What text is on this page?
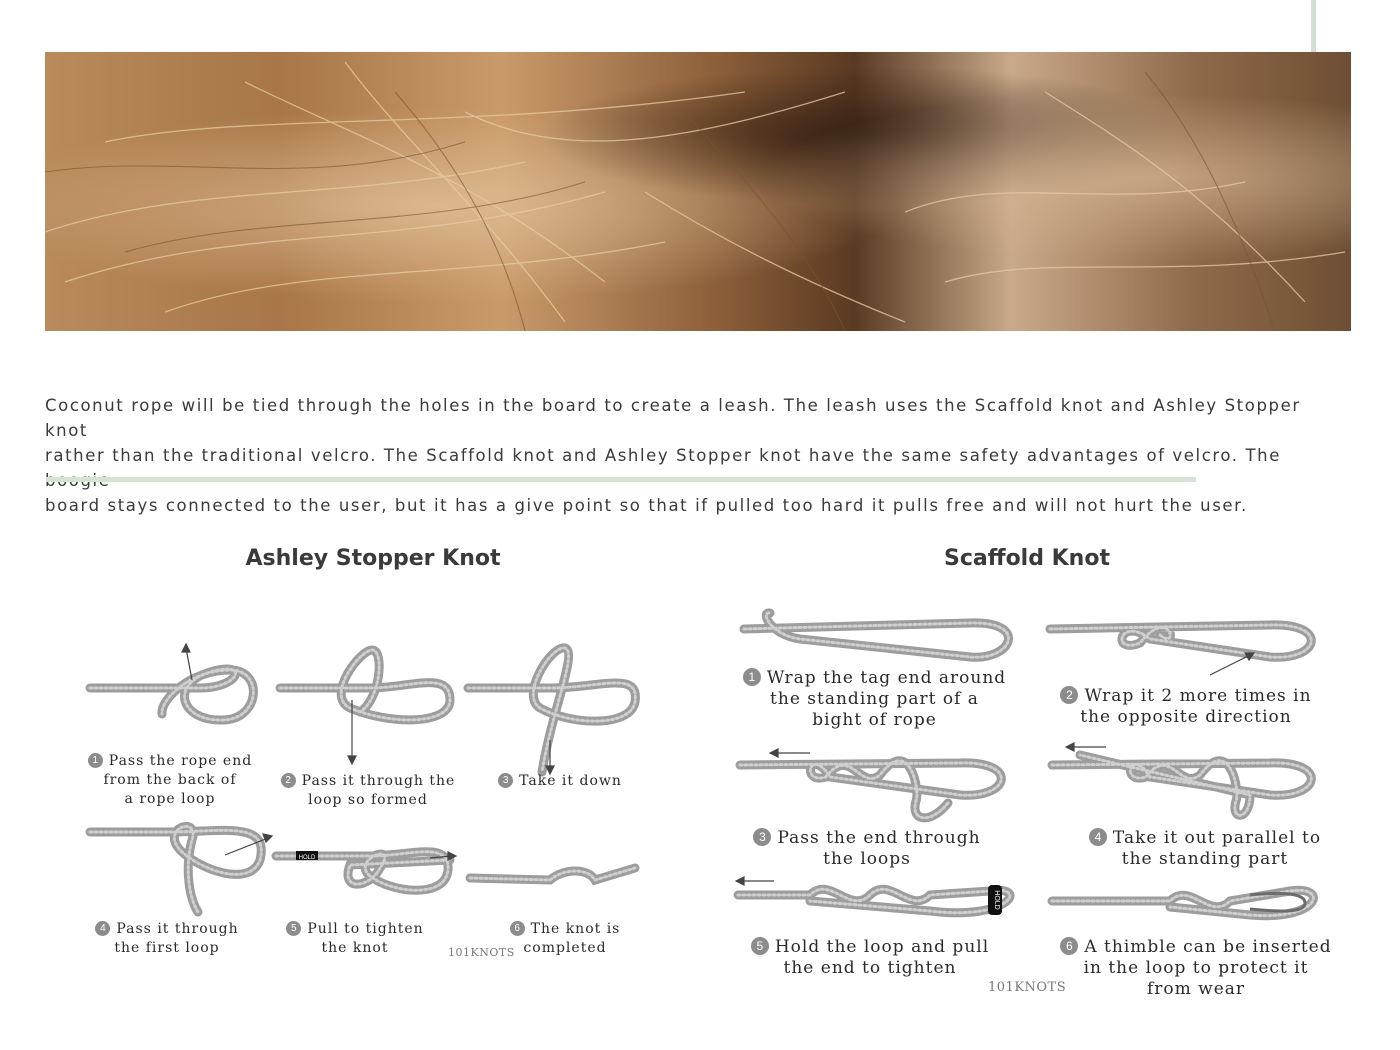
Coconut rope will be tied through the holes in the board to create a leash. The leash uses the Scaffold knot and Ashley Stopper knot
rather than the traditional velcro. The Scaffold knot and Ashley Stopper knot have the same safety advantages of velcro. The
board stays connected to the user, but it has a give point so that if pulled too hard it pulls free and will not hurt the user.
Ashley Stopper Knot
HOLD
1 Pass the rope end
from the back of
a rope loop
2 Pass it through the
loop so formed
3 Take it down
4 Pass it through
the first loop
5 Pull to tighten
the knot
6 The knot is
completed
101KNOTS
Scaffold Knot
HOLD
1 Wrap the tag end around
the standing part of a
bight of rope
2 Wrap it 2 more times in
the opposite direction
3 Pass the end through
the loops
4 Take it out parallel to
the standing part
5 Hold the loop and pull
the end to tighten
6 A thimble can be inserted
in the loop to protect it
from wear
101KNOTS
